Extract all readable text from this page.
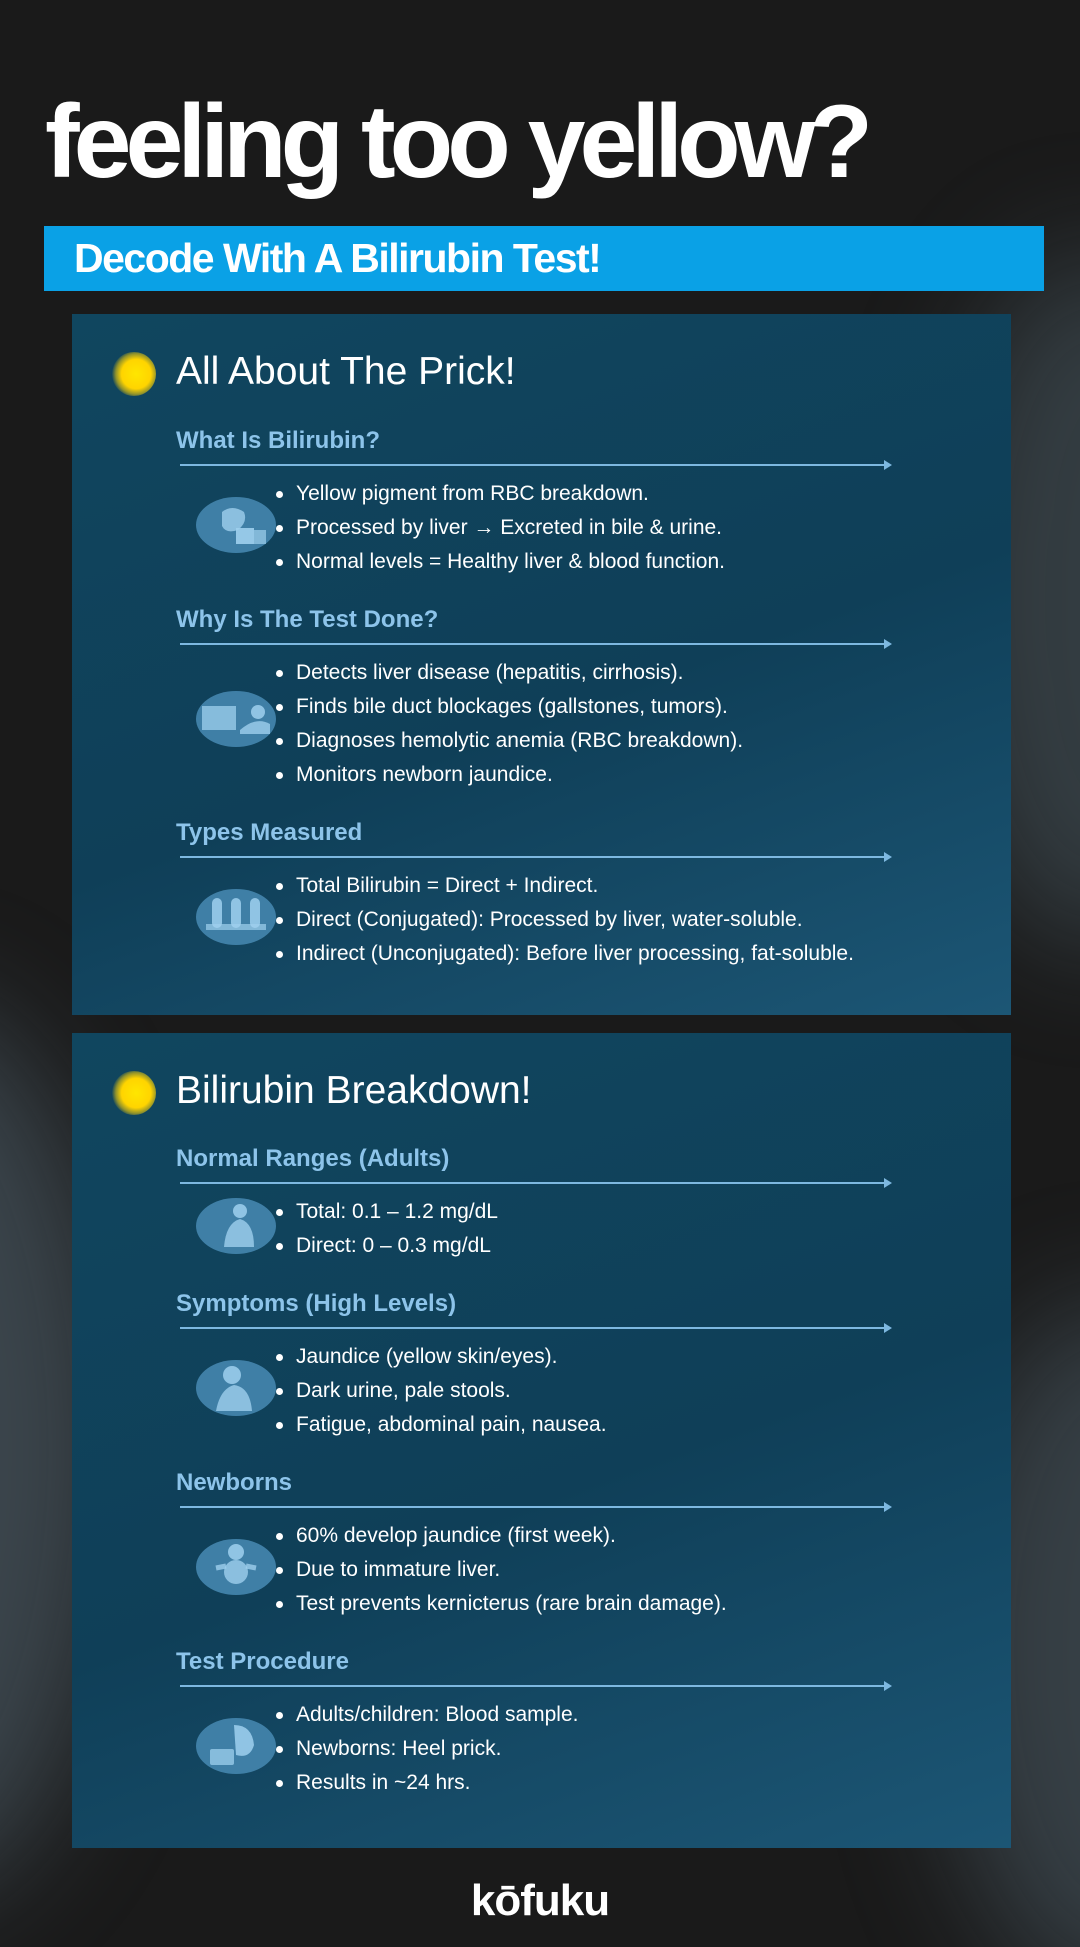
feeling too yellow?
Decode With A Bilirubin Test!
All About The Prick!
What Is Bilirubin?
Yellow pigment from RBC breakdown.
Processed by liver → Excreted in bile & urine.
Normal levels = Healthy liver & blood function.
Why Is The Test Done?
Detects liver disease (hepatitis, cirrhosis).
Finds bile duct blockages (gallstones, tumors).
Diagnoses hemolytic anemia (RBC breakdown).
Monitors newborn jaundice.
Types Measured
Total Bilirubin = Direct + Indirect.
Direct (Conjugated): Processed by liver, water-soluble.
Indirect (Unconjugated): Before liver processing, fat-soluble.
Bilirubin Breakdown!
Normal Ranges (Adults)
Total: 0.1 – 1.2 mg/dL
Direct: 0 – 0.3 mg/dL
Symptoms (High Levels)
Jaundice (yellow skin/eyes).
Dark urine, pale stools.
Fatigue, abdominal pain, nausea.
Newborns
60% develop jaundice (first week).
Due to immature liver.
Test prevents kernicterus (rare brain damage).
Test Procedure
Adults/children: Blood sample.
Newborns: Heel prick.
Results in ~24 hrs.
kōfuku
